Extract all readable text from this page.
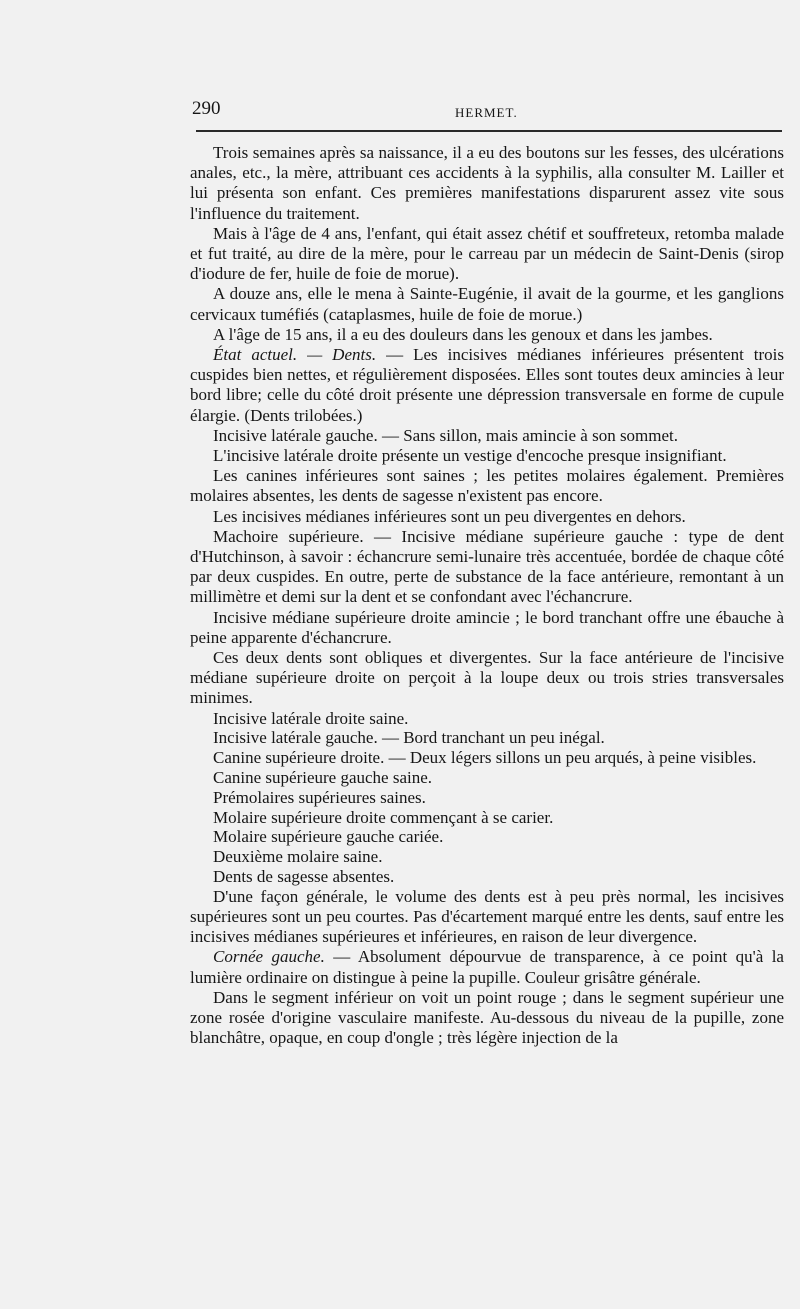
290	HERMET.

Trois semaines après sa naissance, il a eu des boutons sur les fesses, des ulcérations anales, etc., la mère, attribuant ces accidents à la syphilis, alla consulter M. Lailler et lui présenta son enfant. Ces premières manifestations disparurent assez vite sous l'influence du traitement.

Mais à l'âge de 4 ans, l'enfant, qui était assez chétif et souffreteux, retomba malade et fut traité, au dire de la mère, pour le carreau par un médecin de Saint-Denis (sirop d'iodure de fer, huile de foie de morue).

A douze ans, elle le mena à Sainte-Eugénie, il avait de la gourme, et les ganglions cervicaux tuméfiés (cataplasmes, huile de foie de morue.)

A l'âge de 15 ans, il a eu des douleurs dans les genoux et dans les jambes.

État actuel. — Dents. — Les incisives médianes inférieures présentent trois cuspides bien nettes, et régulièrement disposées. Elles sont toutes deux amincies à leur bord libre; celle du côté droit présente une dépression transversale en forme de cupule élargie. (Dents trilobées.)

Incisive latérale gauche. — Sans sillon, mais amincie à son sommet.

L'incisive latérale droite présente un vestige d'encoche presque insignifiant.

Les canines inférieures sont saines ; les petites molaires également. Premières molaires absentes, les dents de sagesse n'existent pas encore.

Les incisives médianes inférieures sont un peu divergentes en dehors.

Machoire supérieure. — Incisive médiane supérieure gauche : type de dent d'Hutchinson, à savoir : échancrure semi-lunaire très accentuée, bordée de chaque côté par deux cuspides. En outre, perte de substance de la face antérieure, remontant à un millimètre et demi sur la dent et se confondant avec l'échancrure.

Incisive médiane supérieure droite amincie ; le bord tranchant offre une ébauche à peine apparente d'échancrure.

Ces deux dents sont obliques et divergentes. Sur la face antérieure de l'incisive médiane supérieure droite on perçoit à la loupe deux ou trois stries transversales minimes.

Incisive latérale droite saine.

Incisive latérale gauche. — Bord tranchant un peu inégal.

Canine supérieure droite. — Deux légers sillons un peu arqués, à peine visibles.

Canine supérieure gauche saine.

Prémolaires supérieures saines.

Molaire supérieure droite commençant à se carier.

Molaire supérieure gauche cariée.

Deuxième molaire saine.

Dents de sagesse absentes.

D'une façon générale, le volume des dents est à peu près normal, les incisives supérieures sont un peu courtes. Pas d'écartement marqué entre les dents, sauf entre les incisives médianes supérieures et inférieures, en raison de leur divergence.

Cornée gauche. — Absolument dépourvue de transparence, à ce point qu'à la lumière ordinaire on distingue à peine la pupille. Couleur grisâtre générale.

Dans le segment inférieur on voit un point rouge ; dans le segment supérieur une zone rosée d'origine vasculaire manifeste. Au-dessous du niveau de la pupille, zone blanchâtre, opaque, en coup d'ongle ; très légère injection de la
